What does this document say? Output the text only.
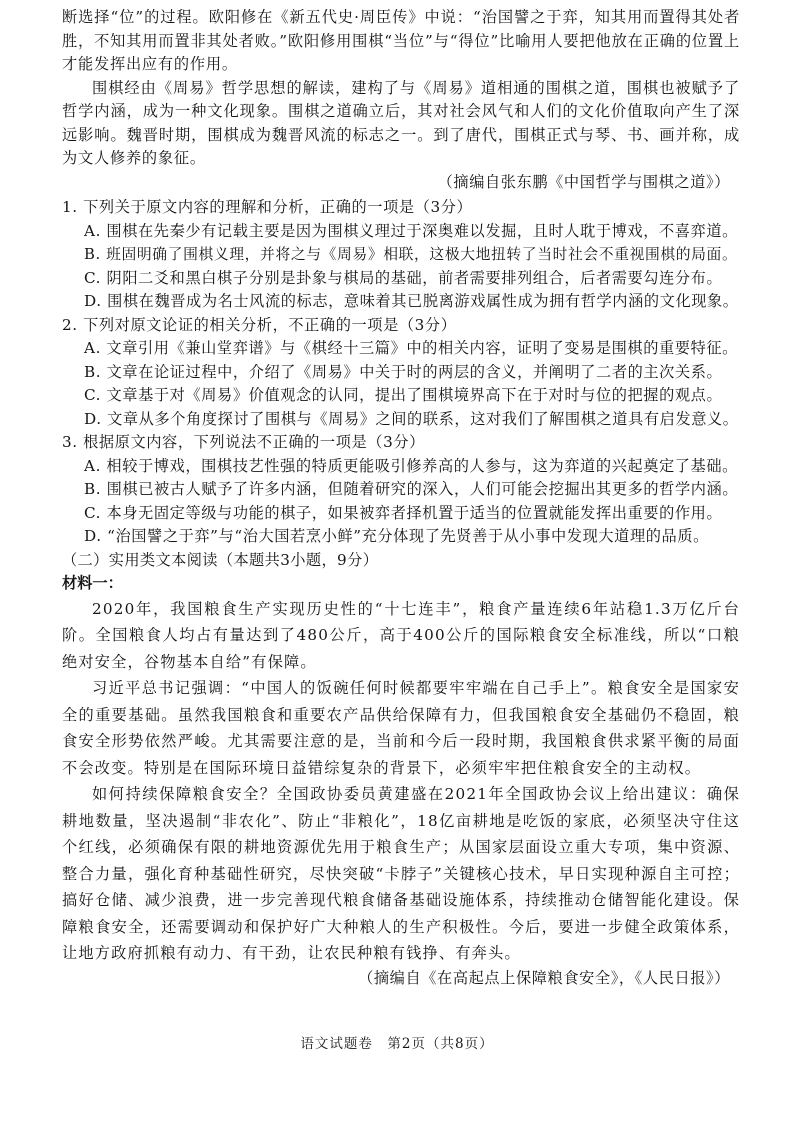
断选择“位”的过程。欧阳修在《新五代史·周臣传》中说：“治国譬之于弈，知其用而置得其处者胜，不知其用而置非其处者败。”欧阳修用围棋“当位”与“得位”比喻用人要把他放在正确的位置上才能发挥出应有的作用。

围棋经由《周易》哲学思想的解读，建构了与《周易》道相通的围棋之道，围棋也被赋予了哲学内涵，成为一种文化现象。围棋之道确立后，其对社会风气和人们的文化价值取向产生了深远影响。魏晋时期，围棋成为魏晋风流的标志之一。到了唐代，围棋正式与琴、书、画并称，成为文人修养的象征。

（摘编自张东鹏《中国哲学与围棋之道》）

1. 下列关于原文内容的理解和分析，正确的一项是（3分）

A. 围棋在先秦少有记载主要是因为围棋义理过于深奥难以发掘，且时人耽于博戏，不喜弈道。

B. 班固明确了围棋义理，并将之与《周易》相联，这极大地扭转了当时社会不重视围棋的局面。

C. 阴阳二爻和黑白棋子分别是卦象与棋局的基础，前者需要排列组合，后者需要勾连分布。

D. 围棋在魏晋成为名士风流的标志，意味着其已脱离游戏属性成为拥有哲学内涵的文化现象。

2. 下列对原文论证的相关分析，不正确的一项是（3分）

A. 文章引用《兼山堂弈谱》与《棋经十三篇》中的相关内容，证明了变易是围棋的重要特征。

B. 文章在论证过程中，介绍了《周易》中关于时的两层的含义，并阐明了二者的主次关系。

C. 文章基于对《周易》价值观念的认同，提出了围棋境界高下在于对时与位的把握的观点。

D. 文章从多个角度探讨了围棋与《周易》之间的联系，这对我们了解围棋之道具有启发意义。

3. 根据原文内容，下列说法不正确的一项是（3分）

A. 相较于博戏，围棋技艺性强的特质更能吸引修养高的人参与，这为弈道的兴起奠定了基础。

B. 围棋已被古人赋予了许多内涵，但随着研究的深入，人们可能会挖掘出其更多的哲学内涵。

C. 本身无固定等级与功能的棋子，如果被弈者择机置于适当的位置就能发挥出重要的作用。

D. “治国譬之于弈”与“治大国若烹小鲜”充分体现了先贤善于从小事中发现大道理的品质。

（二）实用类文本阅读（本题共3小题，9分）

材料一：

2020年，我国粮食生产实现历史性的“十七连丰”，粮食产量连续6年站稳1.3万亿斤台阶。全国粮食人均占有量达到了480公斤，高于400公斤的国际粮食安全标准线，所以“口粮绝对安全，谷物基本自给”有保障。

习近平总书记强调：“中国人的饭碗任何时候都要牢牢端在自己手上”。粮食安全是国家安全的重要基础。虽然我国粮食和重要农产品供给保障有力，但我国粮食安全基础仍不稳固，粮食安全形势依然严峻。尤其需要注意的是，当前和今后一段时期，我国粮食供求紧平衡的局面不会改变。特别是在国际环境日益错综复杂的背景下，必须牢牢把住粮食安全的主动权。

如何持续保障粮食安全？全国政协委员黄建盛在2021年全国政协会议上给出建议：确保耕地数量，坚决遏制“非农化”、防止“非粮化”，18亿亩耕地是吃饭的家底，必须坚决守住这个红线，必须确保有限的耕地资源优先用于粮食生产；从国家层面设立重大专项，集中资源、整合力量，强化育种基础性研究，尽快突破“卡脖子”关键核心技术，早日实现种源自主可控；搞好仓储、减少浪费，进一步完善现代粮食储备基础设施体系，持续推动仓储智能化建设。保障粮食安全，还需要调动和保护好广大种粮人的生产积极性。今后，要进一步健全政策体系，让地方政府抓粮有动力、有干劲，让农民种粮有钱挣、有奔头。

（摘编自《在高起点上保障粮食安全》，《人民日报》）

语文试题卷　第2页（共8页）
